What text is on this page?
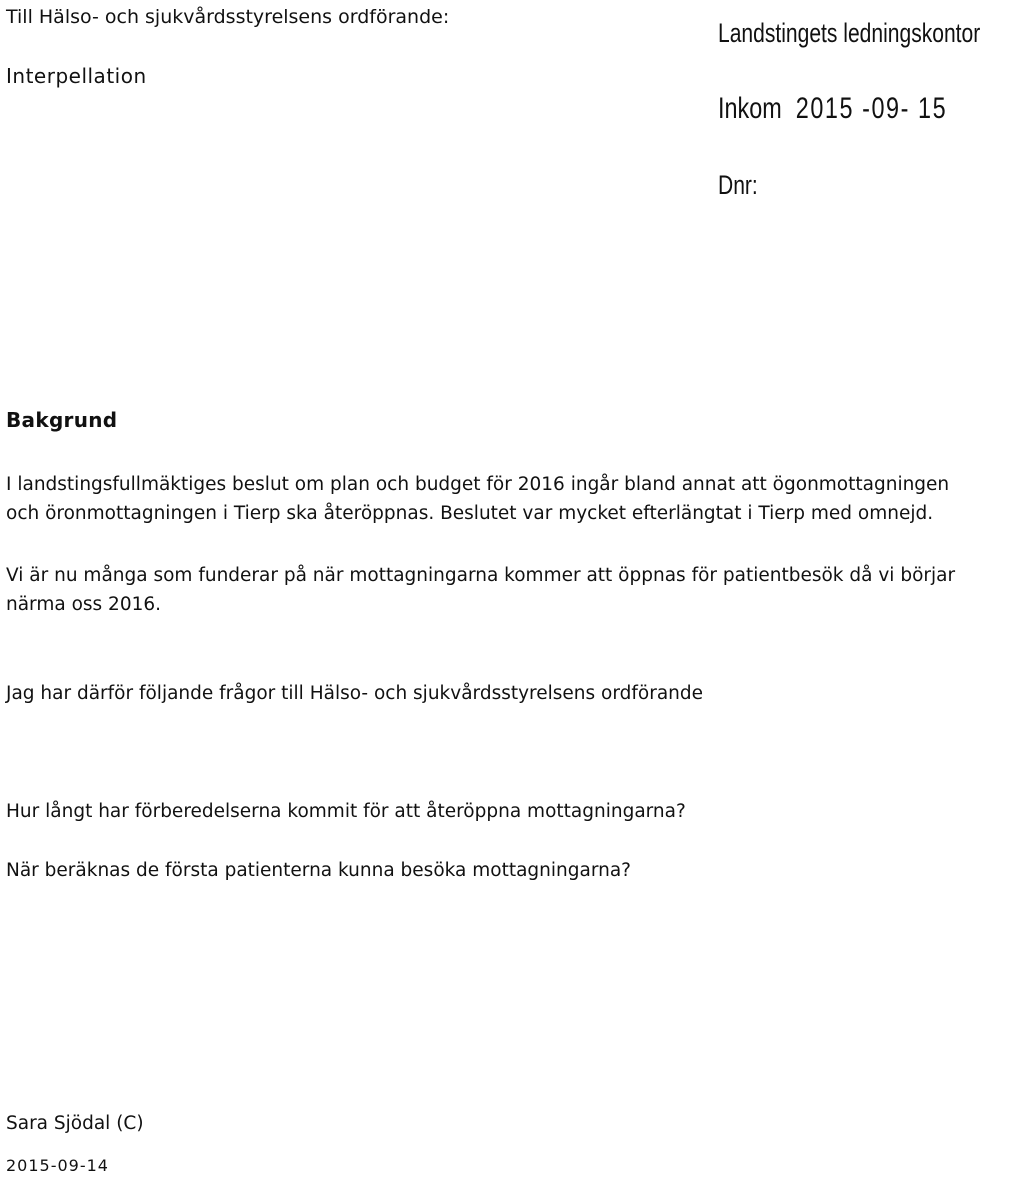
Till Hälso- och sjukvårdsstyrelsens ordförande:
Interpellation
Landstingets ledningskontor
Inkom 2015 -09- 15
Dnr:
Bakgrund
I landstingsfullmäktiges beslut om plan och budget för 2016 ingår bland annat att ögonmottagningen och öronmottagningen i Tierp ska återöppnas. Beslutet var mycket efterlängtat i Tierp med omnejd.
Vi är nu många som funderar på när mottagningarna kommer att öppnas för patientbesök då vi börjar närma oss 2016.
Jag har därför följande frågor till Hälso- och sjukvårdsstyrelsens ordförande
Hur långt har förberedelserna kommit för att återöppna mottagningarna?
När beräknas de första patienterna kunna besöka mottagningarna?
Sara Sjödal (C)
2015-09-14
